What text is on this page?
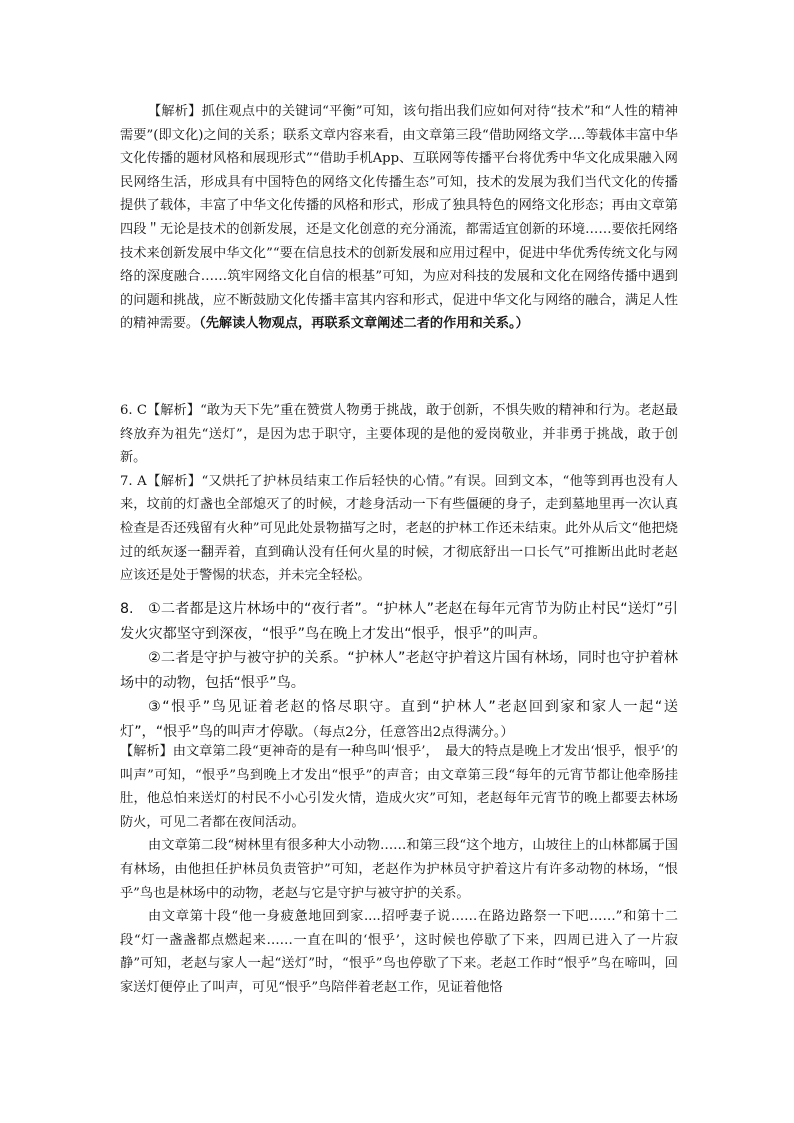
【解析】抓住观点中的关键词“平衡”可知，该句指出我们应如何对待“技术”和“人性的精神需要”(即文化)之间的关系；联系文章内容来看，由文章第三段“借助网络文学....等载体丰富中华文化传播的题材风格和展现形式”“借助手机App、互联网等传播平台将优秀中华文化成果融入网民网络生活，形成具有中国特色的网络文化传播生态”可知，技术的发展为我们当代文化的传播提供了载体，丰富了中华文化传播的风格和形式，形成了独具特色的网络文化形态；再由文章第四段＂无论是技术的创新发展，还是文化创意的充分涌流，都需适宜创新的环境……要依托网络技术来创新发展中华文化”“要在信息技术的创新发展和应用过程中，促进中华优秀传统文化与网络的深度融合……筑牢网络文化自信的根基”可知，为应对科技的发展和文化在网络传播中遇到的问题和挑战，应不断鼓励文化传播丰富其内容和形式，促进中华文化与网络的融合，满足人性的精神需要。（先解读人物观点，再联系文章阐述二者的作用和关系。）

6. C【解析】“敢为天下先”重在赞赏人物勇于挑战，敢于创新，不惧失败的精神和行为。老赵最终放弃为祖先“送灯”，是因为忠于职守，主要体现的是他的爱岗敬业，并非勇于挑战，敢于创新。

7. A【解析】“又烘托了护林员结束工作后轻快的心情。”有误。回到文本，“他等到再也没有人来，坟前的灯盏也全部熄灭了的时候，才趁身活动一下有些僵硬的身子，走到墓地里再一次认真检查是否还残留有火种”可见此处景物描写之时，老赵的护林工作还未结束。此外从后文“他把烧过的纸灰逐一翻弄着，直到确认没有任何火星的时候，才彻底舒出一口长气”可推断出此时老赵应该还是处于警惕的状态，并未完全轻松。

8.　①二者都是这片林场中的“夜行者”。“护林人”老赵在每年元宵节为防止村民“送灯”引发火灾都坚守到深夜，“恨乎”鸟在晚上才发出“恨乎，恨乎”的叫声。

②二者是守护与被守护的关系。“护林人”老赵守护着这片国有林场，同时也守护着林场中的动物，包括“恨乎”鸟。

③“恨乎”鸟见证着老赵的恪尽职守。直到“护林人”老赵回到家和家人一起“送灯”，“恨乎”鸟的叫声才停歇。（每点2分，任意答出2点得满分。）

【解析】由文章第二段“更神奇的是有一种鸟叫‘恨乎’，　最大的特点是晚上才发出‘恨乎，恨乎’的叫声”可知，“恨乎”鸟到晚上才发出“恨乎”的声音；由文章第三段“每年的元宵节都让他牵肠挂肚，他总怕来送灯的村民不小心引发火情，造成火灾”可知，老赵每年元宵节的晚上都要去林场防火，可见二者都在夜间活动。

由文章第二段“树林里有很多种大小动物……和第三段“这个地方，山坡往上的山林都属于国有林场，由他担任护林员负责管护”可知，老赵作为护林员守护着这片有许多动物的林场，“恨乎”鸟也是林场中的动物，老赵与它是守护与被守护的关系。

由文章第十段“他一身疲惫地回到家....招呼妻子说……在路边路祭一下吧……”和第十二段“灯一盏盏都点燃起来……一直在叫的‘恨乎’，这时候也停歇了下来，四周已进入了一片寂静”可知，老赵与家人一起“送灯”时，“恨乎”鸟也停歇了下来。老赵工作时“恨乎”鸟在啼叫，回家送灯便停止了叫声，可见“恨乎”鸟陪伴着老赵工作，见证着他恪
